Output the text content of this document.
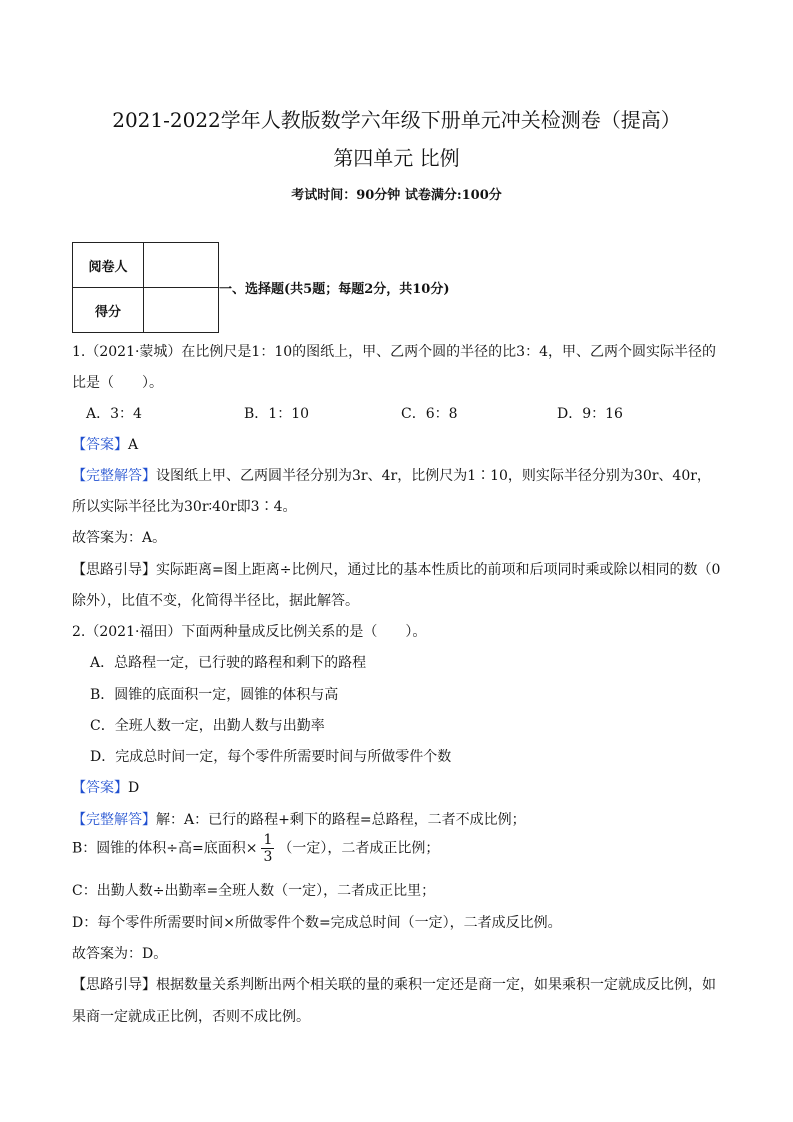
2021-2022学年人教版数学六年级下册单元冲关检测卷（提高）
第四单元 比例
考试时间：90分钟 试卷满分:100分
阅卷人	
得分	
一、选择题(共5题；每题2分，共10分)
1.（2021·蒙城）在比例尺是1：10的图纸上，甲、乙两个圆的半径的比3：4，甲、乙两个圆实际半径的
比是（　　）。
A．3：4	B．1：10	C．6：8	D．9：16
【答案】A
【完整解答】设图纸上甲、乙两圆半径分别为3r、4r，比例尺为1∶10，则实际半径分别为30r、40r，
所以实际半径比为30r∶40r即3∶4。
故答案为：A。
【思路引导】实际距离=图上距离÷比例尺，通过比的基本性质比的前项和后项同时乘或除以相同的数（0
除外），比值不变，化简得半径比，据此解答。
2.（2021·福田）下面两种量成反比例关系的是（　　）。
A．总路程一定，已行驶的路程和剩下的路程
B．圆锥的底面积一定，圆锥的体积与高
C．全班人数一定，出勤人数与出勤率
D．完成总时间一定，每个零件所需要时间与所做零件个数
【答案】D
【完整解答】解：A：已行的路程+剩下的路程=总路程，二者不成比例；
B：圆锥的体积÷高=底面积× $\frac{1}{3}$ （一定），二者成正比例；
C：出勤人数÷出勤率=全班人数（一定），二者成正比里；
D：每个零件所需要时间×所做零件个数=完成总时间（一定），二者成反比例。
故答案为：D。
【思路引导】根据数量关系判断出两个相关联的量的乘积一定还是商一定，如果乘积一定就成反比例，如
果商一定就成正比例，否则不成比例。
